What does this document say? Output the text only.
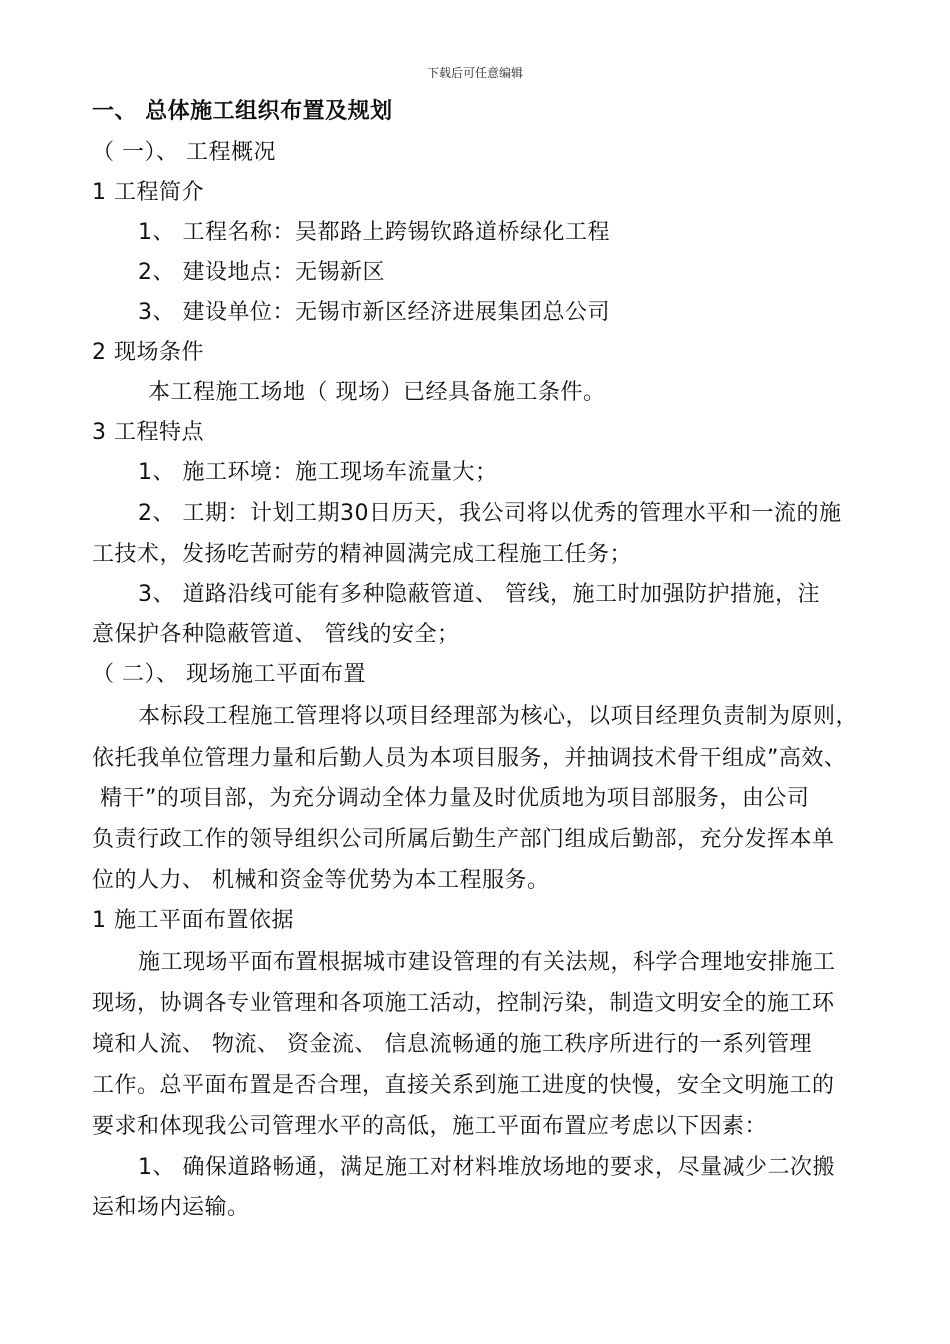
下载后可任意编辑
一、 总体施工组织布置及规划
（ 一）、 工程概况
1 工程简介
1、 工程名称：吴都路上跨锡钦路道桥绿化工程
2、 建设地点：无锡新区
3、 建设单位：无锡市新区经济进展集团总公司
2 现场条件
本工程施工场地（ 现场）已经具备施工条件。
3 工程特点
1、 施工环境：施工现场车流量大；
2、 工期：计划工期30日历天，我公司将以优秀的管理水平和一流的施
工技术，发扬吃苦耐劳的精神圆满完成工程施工任务；
3、 道路沿线可能有多种隐蔽管道、 管线，施工时加强防护措施，注
意保护各种隐蔽管道、 管线的安全；
（ 二）、 现场施工平面布置
本标段工程施工管理将以项目经理部为核心，以项目经理负责制为原则，
依托我单位管理力量和后勤人员为本项目服务，并抽调技术骨干组成”高效、
精干”的项目部，为充分调动全体力量及时优质地为项目部服务，由公司
负责行政工作的领导组织公司所属后勤生产部门组成后勤部，充分发挥本单
位的人力、 机械和资金等优势为本工程服务。
1 施工平面布置依据
施工现场平面布置根据城市建设管理的有关法规，科学合理地安排施工
现场，协调各专业管理和各项施工活动，控制污染，制造文明安全的施工环
境和人流、 物流、 资金流、 信息流畅通的施工秩序所进行的一系列管理
工作。总平面布置是否合理，直接关系到施工进度的快慢，安全文明施工的
要求和体现我公司管理水平的高低，施工平面布置应考虑以下因素：
1、 确保道路畅通，满足施工对材料堆放场地的要求，尽量减少二次搬
运和场内运输。
